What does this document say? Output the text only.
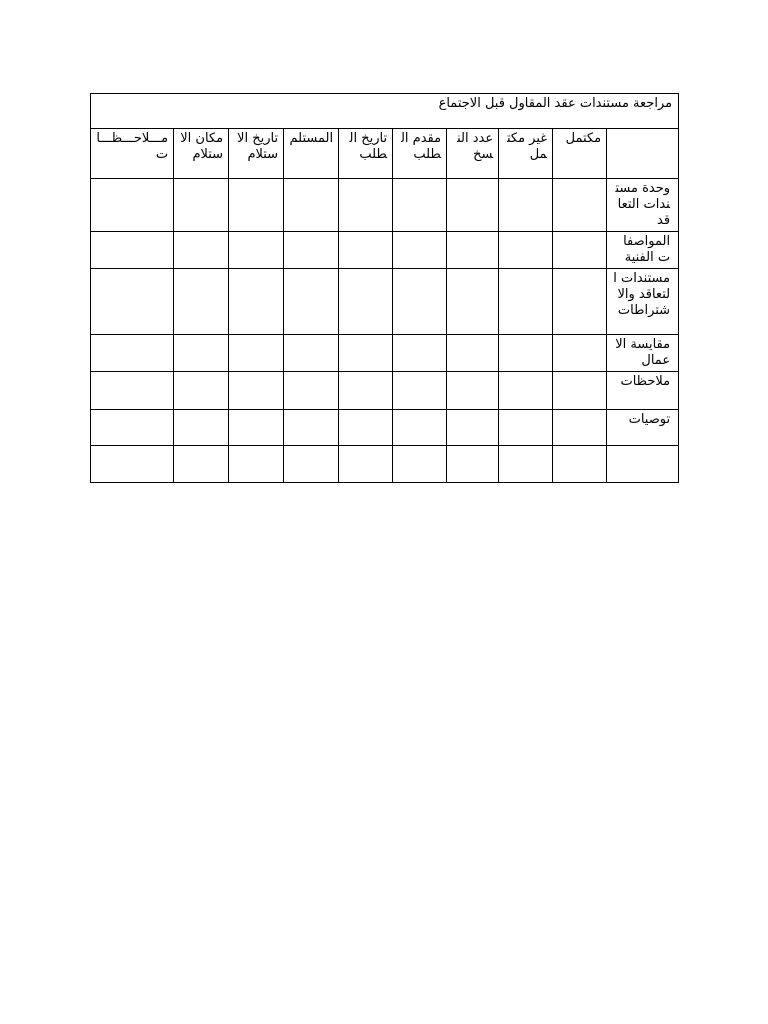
مراجعة مستندات عقد المقاول قبل الاجتماع									
	مكتمل	غير مكتمل	عدد النسخ	مقدم الطلب	تاريخ الطلب	المستلم	تاريخ الاستلام	مكان الاستلام	مـــلاحـــظـــات
وحدة مستندات التعاقد									
المواصفات الفنية									
مستندات التعاقد والاشتراطات									
مقايسة الاعمال									
ملاحظات									
توصيات									
